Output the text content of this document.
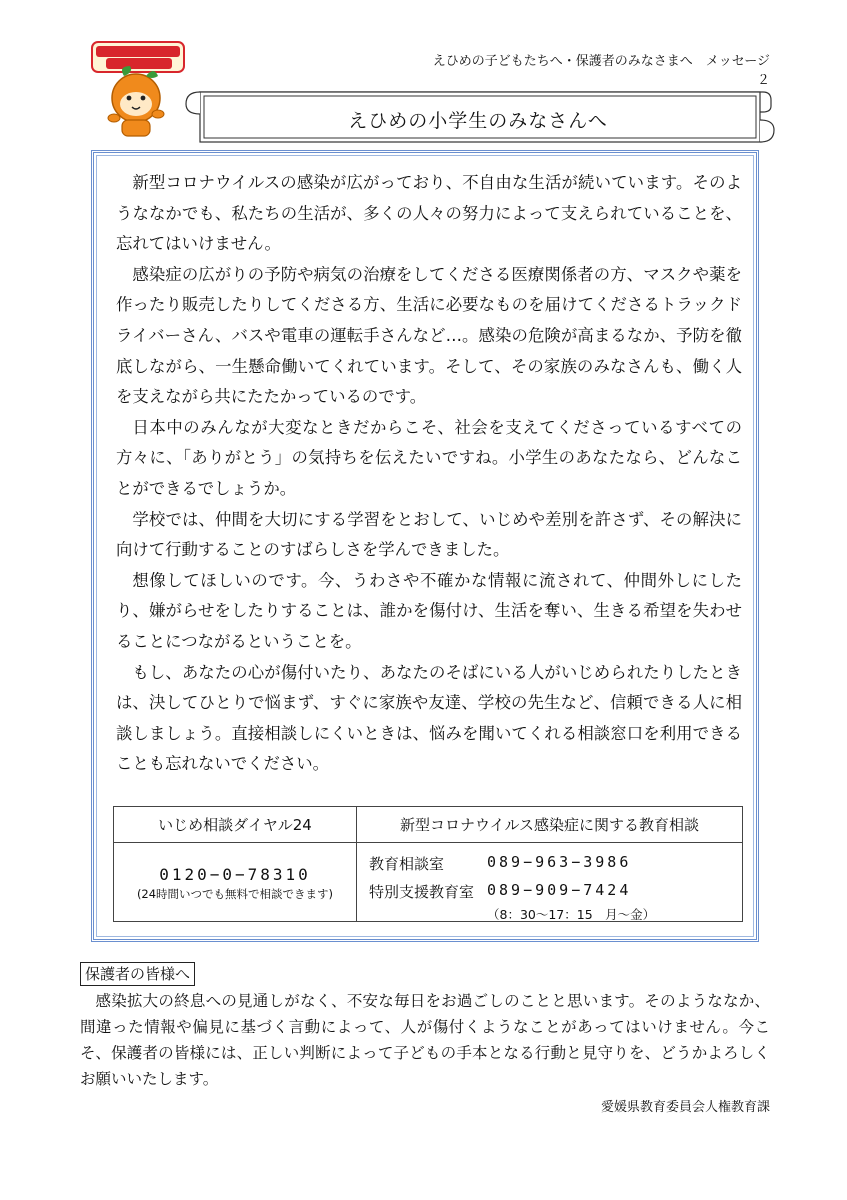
えひめの子どもたちへ・保護者のみなさまへ　メッセージ２
えひめの小学生のみなさんへ

新型コロナウイルスの感染が広がっており、不自由な生活が続いています。そのようななかでも、私たちの生活が、多くの人々の努力によって支えられていることを、忘れてはいけません。

感染症の広がりの予防や病気の治療をしてくださる医療関係者の方、マスクや薬を作ったり販売したりしてくださる方、生活に必要なものを届けてくださるトラックドライバーさん、バスや電車の運転手さんなど…。感染の危険が高まるなか、予防を徹底しながら、一生懸命働いてくれています。そして、その家族のみなさんも、働く人を支えながら共にたたかっているのです。

日本中のみんなが大変なときだからこそ、社会を支えてくださっているすべての方々に、「ありがとう」の気持ちを伝えたいですね。小学生のあなたなら、どんなことができるでしょうか。

学校では、仲間を大切にする学習をとおして、いじめや差別を許さず、その解決に向けて行動することのすばらしさを学んできました。

想像してほしいのです。今、うわさや不確かな情報に流されて、仲間外しにしたり、嫌がらせをしたりすることは、誰かを傷付け、生活を奪い、生きる希望を失わせることにつながるということを。

もし、あなたの心が傷付いたり、あなたのそばにいる人がいじめられたりしたときは、決してひとりで悩まず、すぐに家族や友達、学校の先生など、信頼できる人に相談しましょう。直接相談しにくいときは、悩みを聞いてくれる相談窓口を利用できることも忘れないでください。

いじめ相談ダイヤル24	新型コロナウイルス感染症に関する教育相談
0120−0−78310
(24時間いつでも無料で相談できます)
教育相談室	089−963−3986
特別支援教育室 089−909−7424
（8：30〜17：15　月〜金）
保護者の皆様へ
感染拡大の終息への見通しがなく、不安な毎日をお過ごしのことと思います。そのようななか、間違った情報や偏見に基づく言動によって、人が傷付くようなことがあってはいけません。今こそ、保護者の皆様には、正しい判断によって子どもの手本となる行動と見守りを、どうかよろしくお願いいたします。
愛媛県教育委員会人権教育課
